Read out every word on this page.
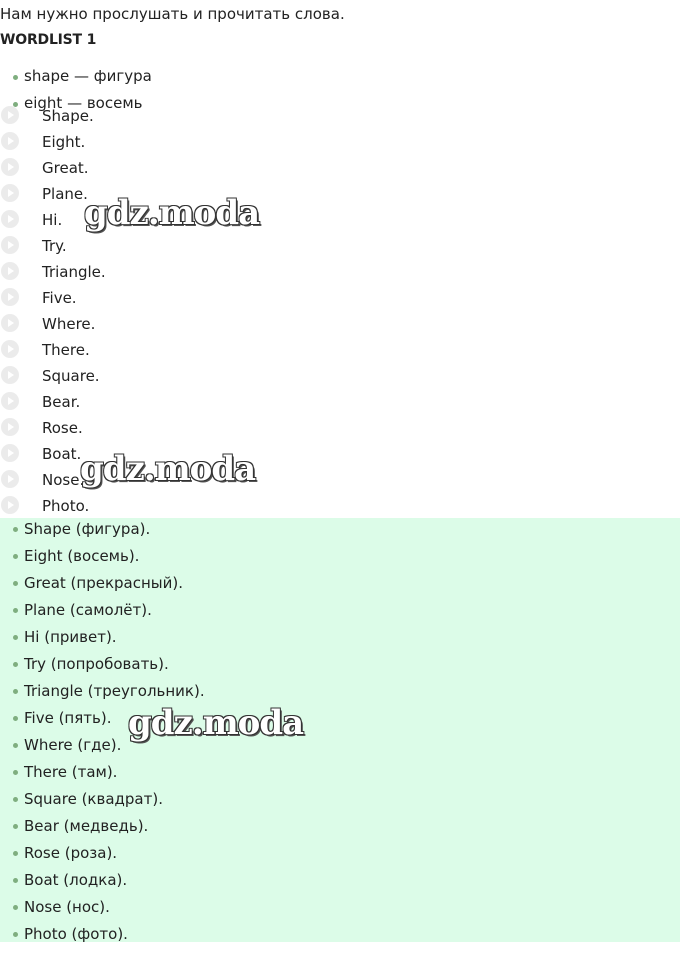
Нам нужно прослушать и прочитать слова.
WORDLIST 1
shape — фигура
eight — восемь
Shape.
Eight.
Great.
Plane.
Hi.
Try.
Triangle.
Five.
Where.
There.
Square.
Bear.
Rose.
Boat.
Nose.
Photo.
Shape (фигура).
Eight (восемь).
Great (прекрасный).
Plane (самолёт).
Hi (привет).
Try (попробовать).
Triangle (треугольник).
Five (пять).
Where (где).
There (там).
Square (квадрат).
Bear (медведь).
Rose (роза).
Boat (лодка).
Nose (нос).
Photo (фото).
gdz.moda
gdz.moda
gdz.moda
